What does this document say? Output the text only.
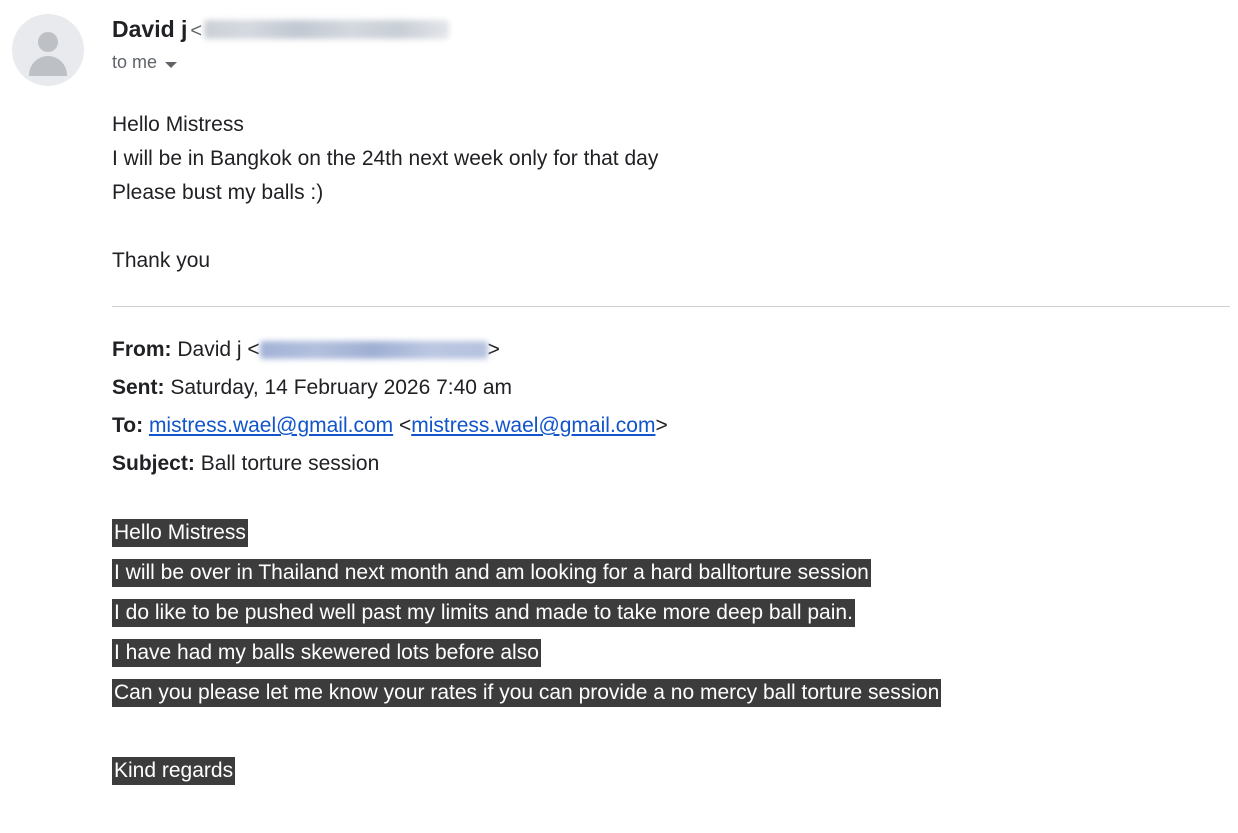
David j <
to me

Hello Mistress

I will be in Bangkok on the 24th next week only for that day

Please bust my balls :)

Thank you

From: David j <	>
Sent: Saturday, 14 February 2026 7:40 am
To: mistress.wael@gmail.com <mistress.wael@gmail.com>
Subject: Ball torture session

Hello Mistress

I will be over in Thailand next month and am looking for a hard balltorture session

I do like to be pushed well past my limits and made to take more deep ball pain.

I have had my balls skewered lots before also

Can you please let me know your rates if you can provide a no mercy ball torture session

Kind regards
